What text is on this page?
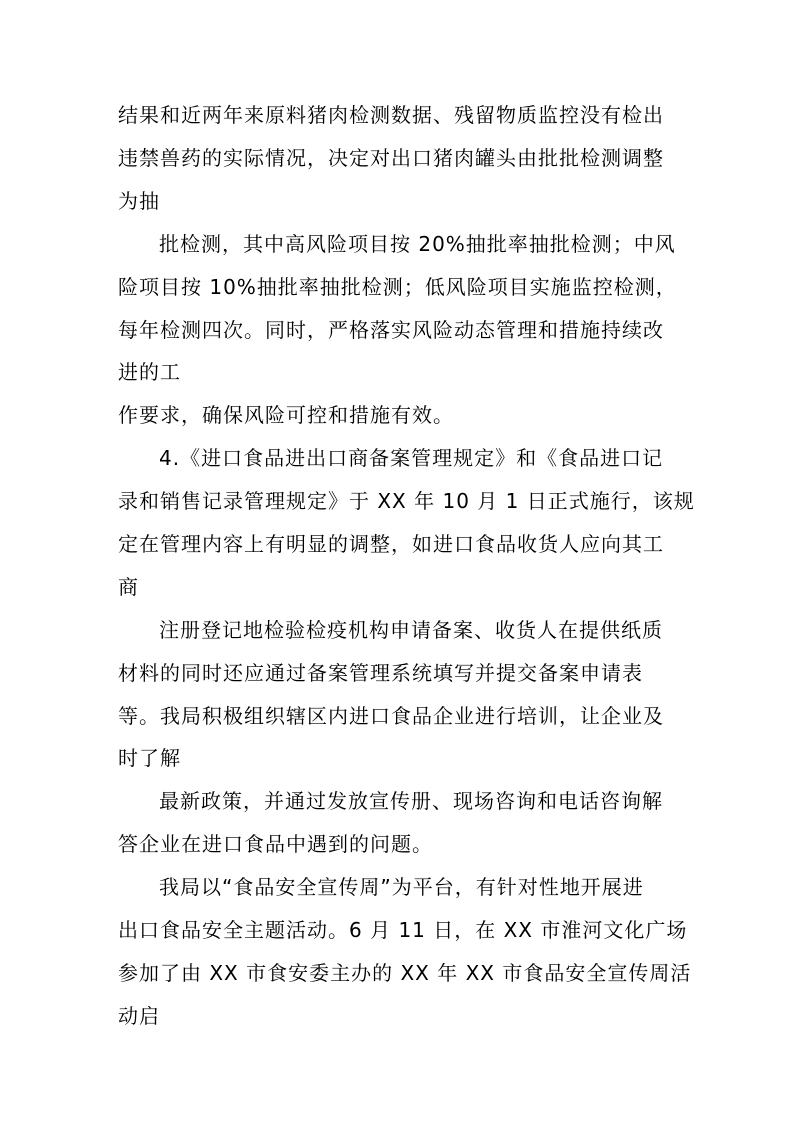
结果和近两年来原料猪肉检测数据、残留物质监控没有检出
违禁兽药的实际情况，决定对出口猪肉罐头由批批检测调整
为抽
批检测，其中高风险项目按 20%抽批率抽批检测；中风
险项目按 10%抽批率抽批检测；低风险项目实施监控检测，
每年检测四次。同时，严格落实风险动态管理和措施持续改
进的工
作要求，确保风险可控和措施有效。
4.《进口食品进出口商备案管理规定》和《食品进口记
录和销售记录管理规定》于 XX 年 10 月 1 日正式施行，该规
定在管理内容上有明显的调整，如进口食品收货人应向其工
商
注册登记地检验检疫机构申请备案、收货人在提供纸质
材料的同时还应通过备案管理系统填写并提交备案申请表
等。我局积极组织辖区内进口食品企业进行培训，让企业及
时了解
最新政策，并通过发放宣传册、现场咨询和电话咨询解
答企业在进口食品中遇到的问题。
我局以“食品安全宣传周”为平台，有针对性地开展进
出口食品安全主题活动。6 月 11 日，在 XX 市淮河文化广场
参加了由 XX 市食安委主办的 XX 年 XX 市食品安全宣传周活
动启
